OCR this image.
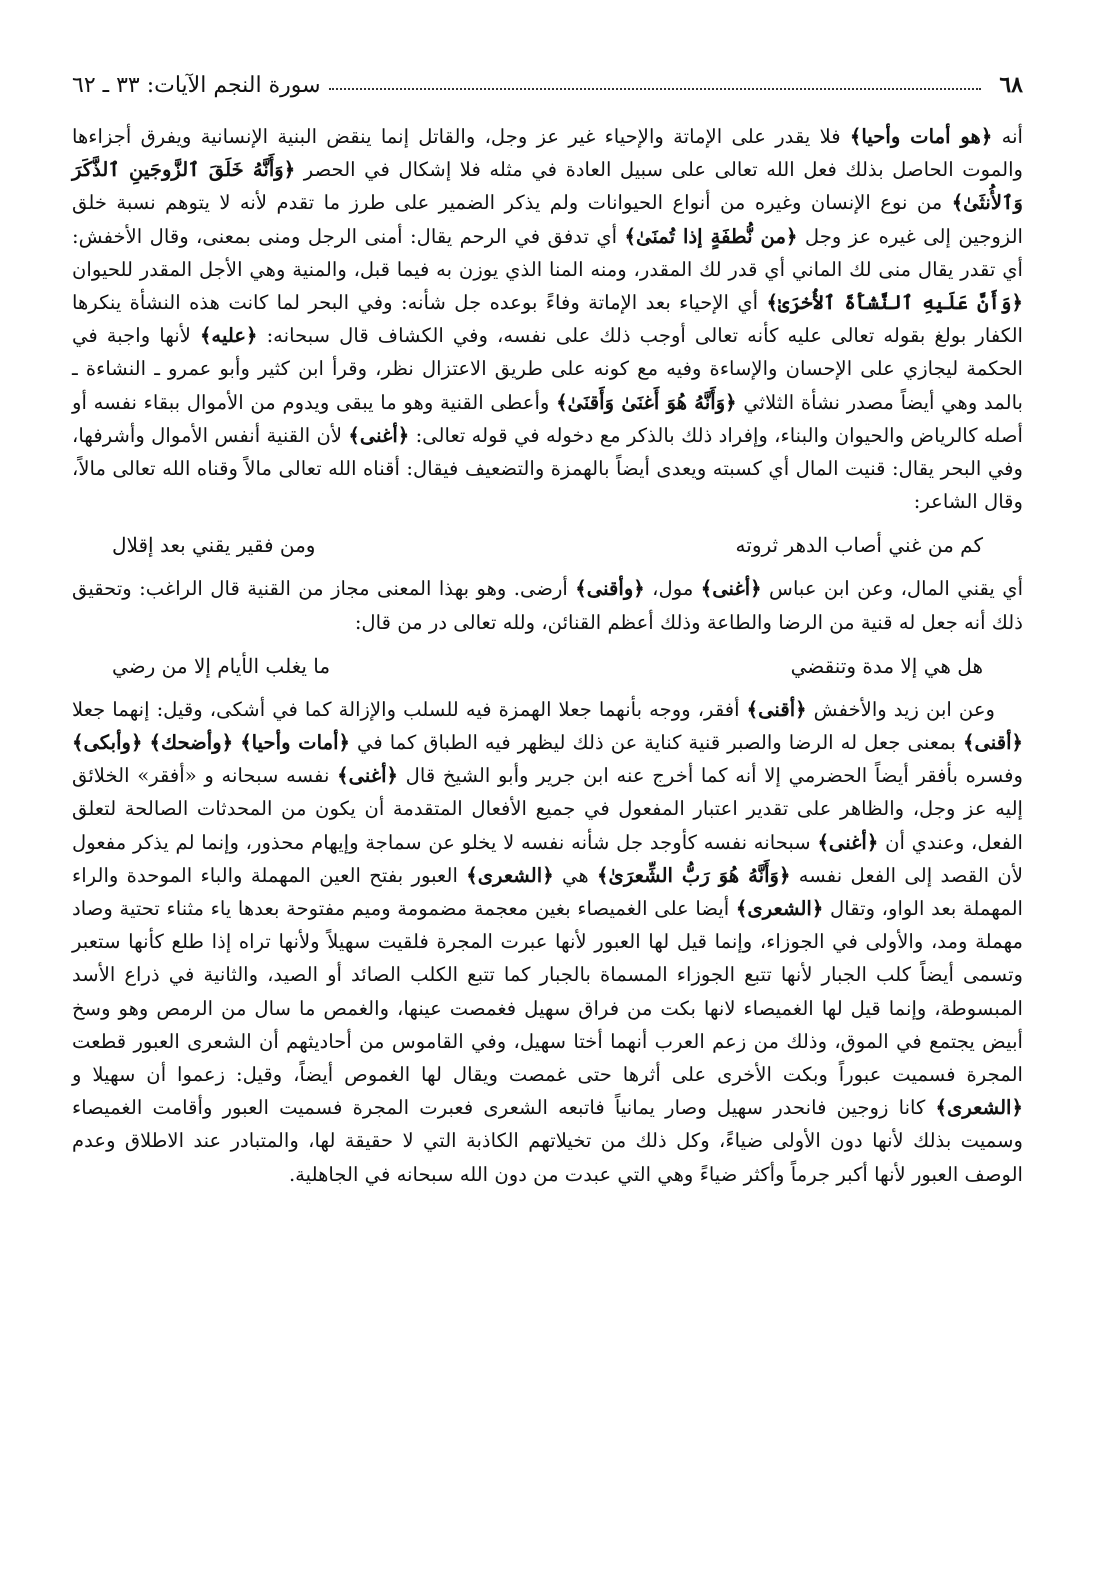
٦٨
سورة النجم الآيات: ٣٣ ـ ٦٢

أنه ﴿هو أمات وأحيا﴾ فلا يقدر على الإماتة والإحياء غير عز وجل، والقاتل إنما ينقض البنية الإنسانية ويفرق أجزاءها والموت الحاصل بذلك فعل الله تعالى على سبيل العادة في مثله فلا إشكال في الحصر ﴿وَأَنَّهُ خَلَقَ ٱلزَّوجَينِ ٱلذَّكَرَ وَٱلأُنثَىٰ﴾ من نوع الإنسان وغيره من أنواع الحيوانات ولم يذكر الضمير على طرز ما تقدم لأنه لا يتوهم نسبة خلق الزوجين إلى غيره عز وجل ﴿من نُّطفَةٍ إذا تُمنَىٰ﴾ أي تدفق في الرحم يقال: أمنى الرجل ومنى بمعنى، وقال الأخفش: أي تقدر يقال منى لك الماني أي قدر لك المقدر، ومنه المنا الذي يوزن به فيما قبل، والمنية وهي الأجل المقدر للحيوان ﴿وَأَنَّ عَلَيهِ ٱلنَّشأَةَ ٱلأُخرَىٰ﴾ أي الإحياء بعد الإماتة وفاءً بوعده جل شأنه: وفي البحر لما كانت هذه النشأة ينكرها الكفار بولغ بقوله تعالى عليه كأنه تعالى أوجب ذلك على نفسه، وفي الكشاف قال سبحانه: ﴿عليه﴾ لأنها واجبة في الحكمة ليجازي على الإحسان والإساءة وفيه مع كونه على طريق الاعتزال نظر، وقرأ ابن كثير وأبو عمرو ـ النشاءة ـ بالمد وهي أيضاً مصدر نشأة الثلاثي ﴿وَأَنَّهُ هُوَ أَغنَىٰ وَأَقنَىٰ﴾ وأعطى القنية وهو ما يبقى ويدوم من الأموال ببقاء نفسه أو أصله كالرياض والحيوان والبناء، وإفراد ذلك بالذكر مع دخوله في قوله تعالى: ﴿أغنى﴾ لأن القنية أنفس الأموال وأشرفها، وفي البحر يقال: قنيت المال أي كسبته ويعدى أيضاً بالهمزة والتضعيف فيقال: أقناه الله تعالى مالاً وقناه الله تعالى مالاً، وقال الشاعر:

كم من غني أصاب الدهر ثروته
ومن فقير يقني بعد إقلال

أي يقني المال، وعن ابن عباس ﴿أغنى﴾ مول، ﴿وأقنى﴾ أرضى. وهو بهذا المعنى مجاز من القنية قال الراغب: وتحقيق ذلك أنه جعل له قنية من الرضا والطاعة وذلك أعظم القنائن، ولله تعالى در من قال:

هل هي إلا مدة وتنقضي
ما يغلب الأيام إلا من رضي

وعن ابن زيد والأخفش ﴿أقنى﴾ أفقر، ووجه بأنهما جعلا الهمزة فيه للسلب والإزالة كما في أشكى، وقيل: إنهما جعلا ﴿أقنى﴾ بمعنى جعل له الرضا والصبر قنية كناية عن ذلك ليظهر فيه الطباق كما في ﴿أمات وأحيا﴾ ﴿وأضحك﴾ ﴿وأبكى﴾ وفسره بأفقر أيضاً الحضرمي إلا أنه كما أخرج عنه ابن جرير وأبو الشيخ قال ﴿أغنى﴾ نفسه سبحانه و «أفقر» الخلائق إليه عز وجل، والظاهر على تقدير اعتبار المفعول في جميع الأفعال المتقدمة أن يكون من المحدثات الصالحة لتعلق الفعل، وعندي أن ﴿أغنى﴾ سبحانه نفسه كأوجد جل شأنه نفسه لا يخلو عن سماجة وإيهام محذور، وإنما لم يذكر مفعول لأن القصد إلى الفعل نفسه ﴿وَأَنَّهُ هُوَ رَبُّ الشِّعرَىٰ﴾ هي ﴿الشعرى﴾ العبور بفتح العين المهملة والباء الموحدة والراء المهملة بعد الواو، وتقال ﴿الشعرى﴾ أيضا على الغميصاء بغين معجمة مضمومة وميم مفتوحة بعدها ياء مثناء تحتية وصاد مهملة ومد، والأولى في الجوزاء، وإنما قيل لها العبور لأنها عبرت المجرة فلقيت سهيلاً ولأنها تراه إذا طلع كأنها ستعبر وتسمى أيضاً كلب الجبار لأنها تتبع الجوزاء المسماة بالجبار كما تتبع الكلب الصائد أو الصيد، والثانية في ذراع الأسد المبسوطة، وإنما قيل لها الغميصاء لانها بكت من فراق سهيل فغمصت عينها، والغمص ما سال من الرمص وهو وسخ أبيض يجتمع في الموق، وذلك من زعم العرب أنهما أختا سهيل، وفي القاموس من أحاديثهم أن الشعرى العبور قطعت المجرة فسميت عبوراً وبكت الأخرى على أثرها حتى غمصت ويقال لها الغموص أيضاً، وقيل: زعموا أن سهيلا و ﴿الشعرى﴾ كانا زوجين فانحدر سهيل وصار يمانياً فاتبعه الشعرى فعبرت المجرة فسميت العبور وأقامت الغميصاء وسميت بذلك لأنها دون الأولى ضياءً، وكل ذلك من تخيلاتهم الكاذبة التي لا حقيقة لها، والمتبادر عند الاطلاق وعدم الوصف العبور لأنها أكبر جرماً وأكثر ضياءً وهي التي عبدت من دون الله سبحانه في الجاهلية.
